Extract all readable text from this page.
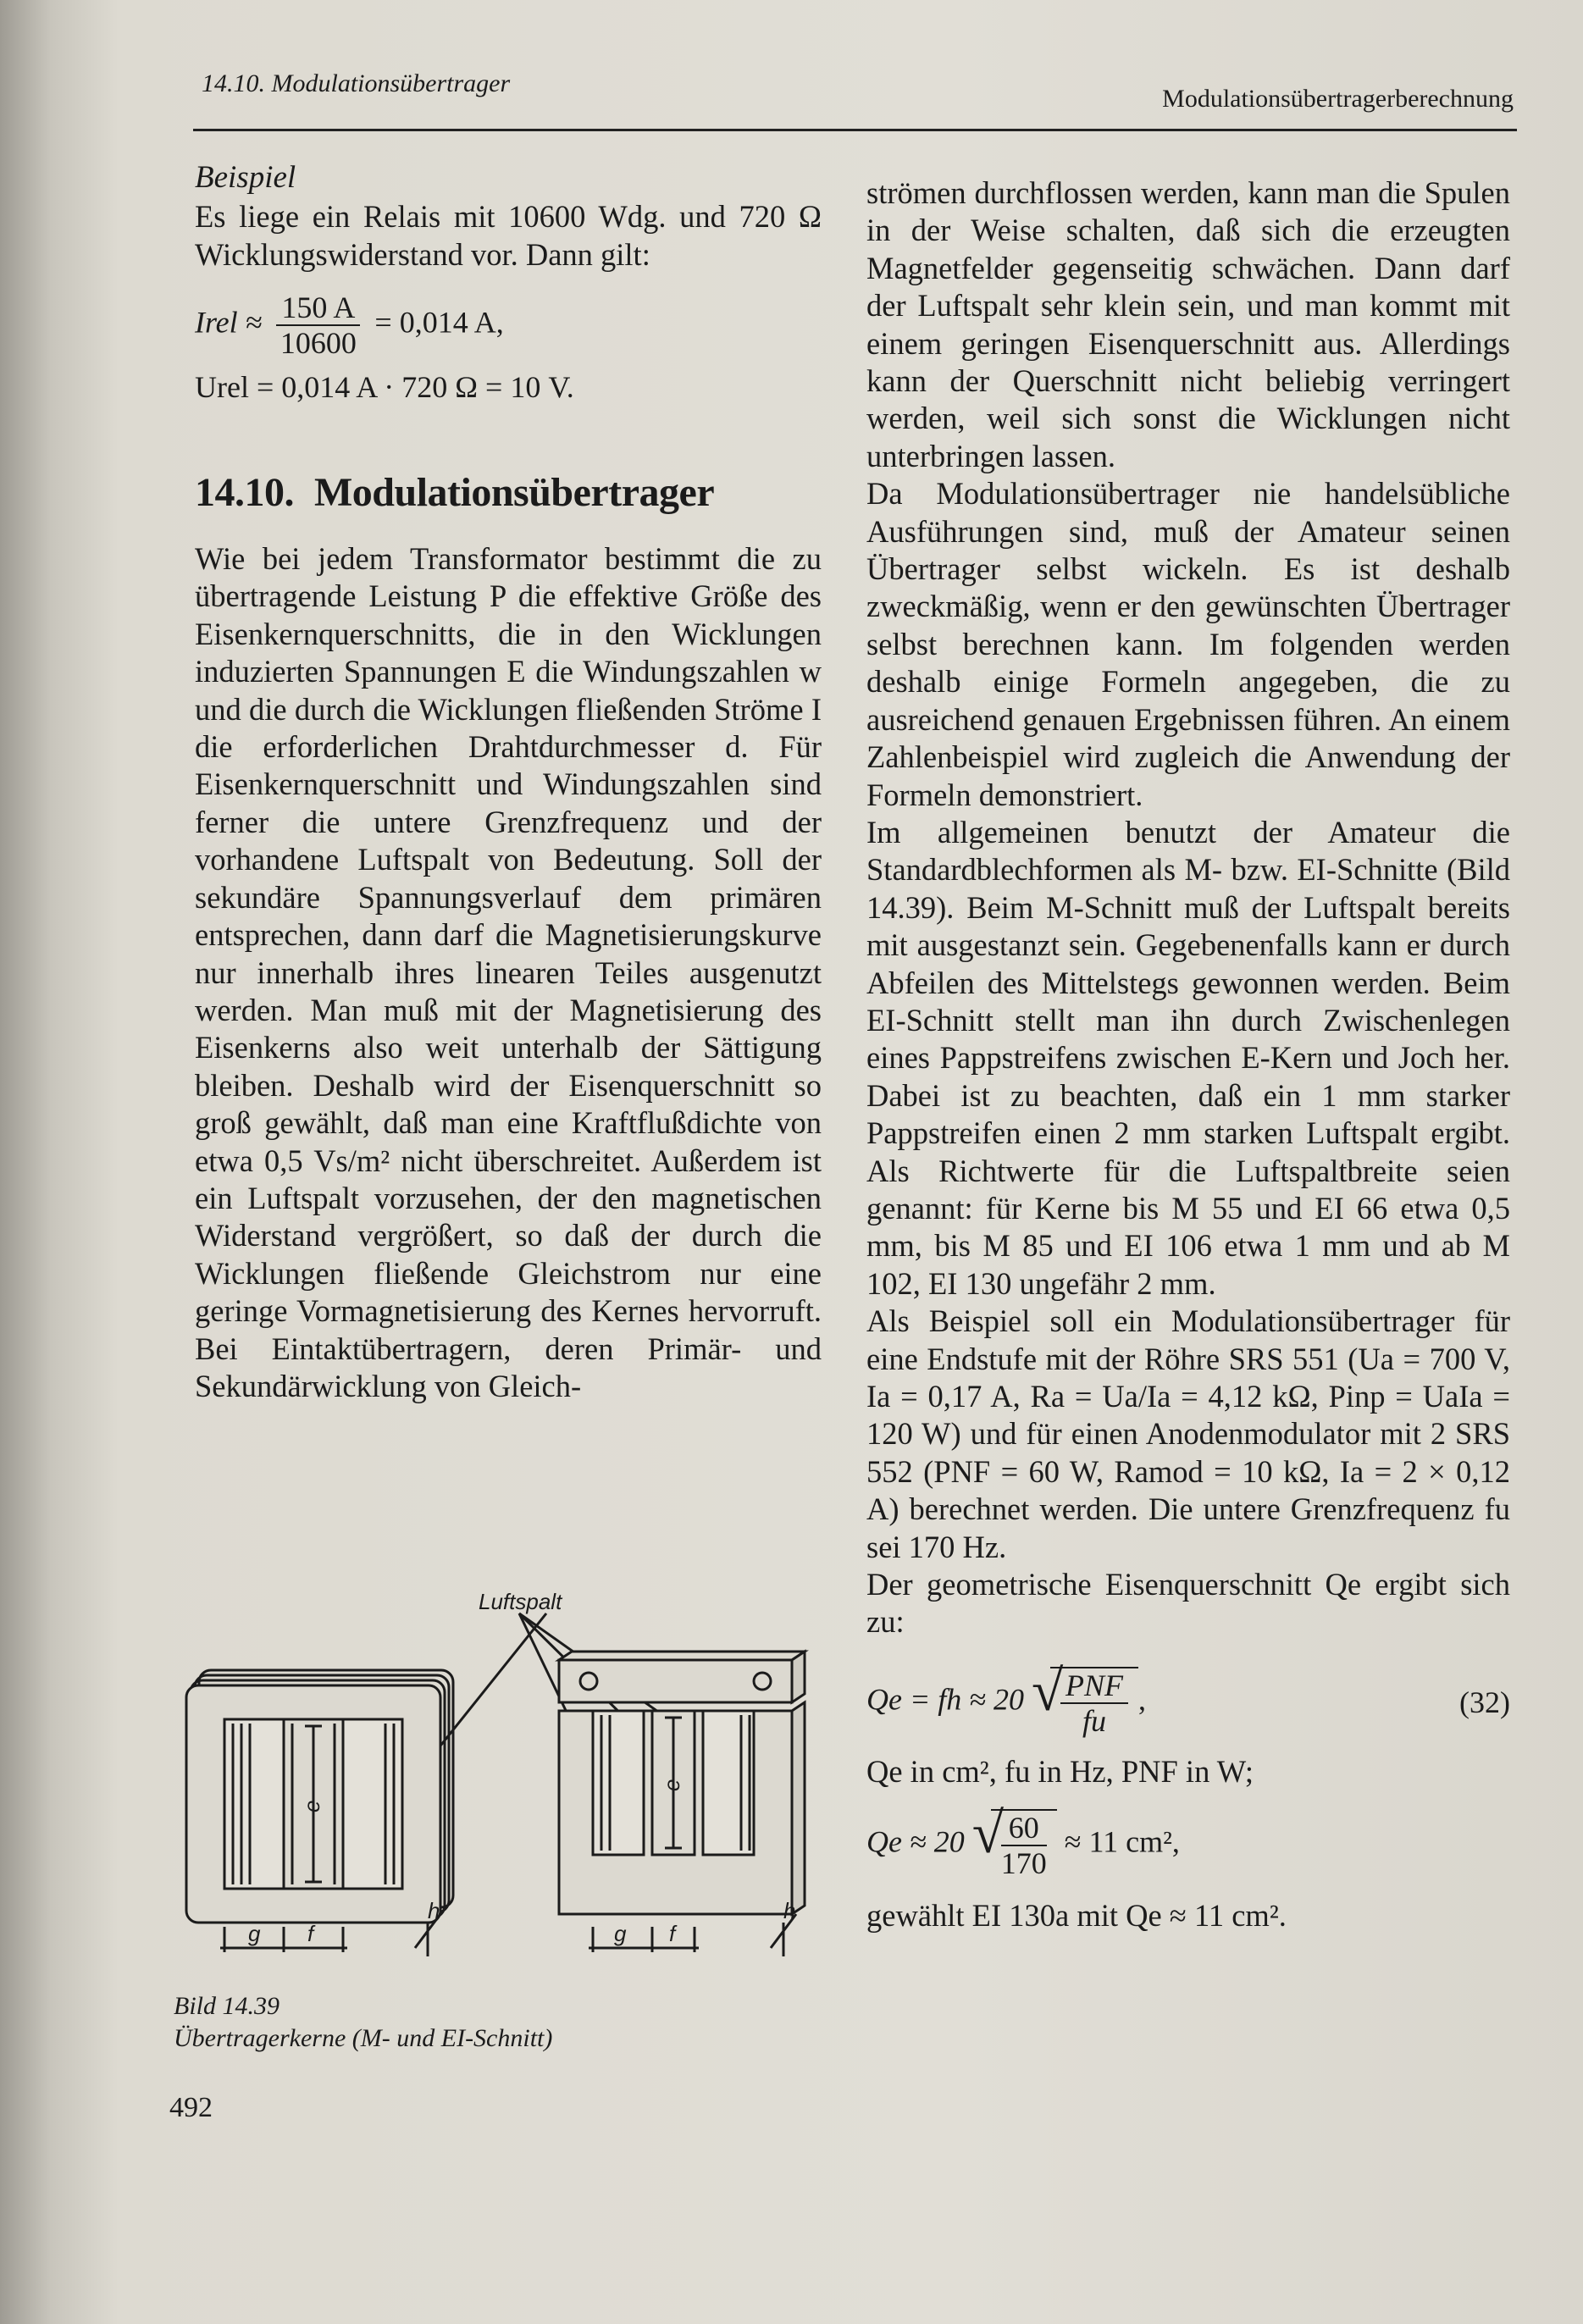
14.10. Modulationsübertrager
Modulationsübertragerberechnung
Beispiel
Es liege ein Relais mit 10600 Wdg. und 720 Ω Wicklungswiderstand vor. Dann gilt:
Irel ≈ $\frac{150 A}{10600} = 0,014$ A,
Urel = 0,014 A · 720 Ω = 10 V.
14.10. Modulationsübertrager

Wie bei jedem Transformator bestimmt die zu übertragende Leistung P die effektive Größe des Eisenkernquerschnitts, die in den Wicklungen induzierten Spannungen E die Windungszahlen w und die durch die Wicklungen fließenden Ströme I die erforderlichen Drahtdurchmesser d. Für Eisenkernquerschnitt und Windungszahlen sind ferner die untere Grenzfrequenz und der vorhandene Luftspalt von Bedeutung. Soll der sekundäre Spannungsverlauf dem primären entsprechen, dann darf die Magnetisierungskurve nur innerhalb ihres linearen Teiles ausgenutzt werden. Man muß mit der Magnetisierung des Eisenkerns also weit unterhalb der Sättigung bleiben. Deshalb wird der Eisenquerschnitt so groß gewählt, daß man eine Kraftflußdichte von etwa 0,5 Vs/m² nicht überschreitet. Außerdem ist ein Luftspalt vorzusehen, der den magnetischen Widerstand vergrößert, so daß der durch die Wicklungen fließende Gleichstrom nur eine geringe Vormagnetisierung des Kernes hervorruft. Bei Eintaktübertragern, deren Primär- und Sekundärwicklung von Gleich-

strömen durchflossen werden, kann man die Spulen in der Weise schalten, daß sich die erzeugten Magnetfelder gegenseitig schwächen. Dann darf der Luftspalt sehr klein sein, und man kommt mit einem geringen Eisenquerschnitt aus. Allerdings kann der Querschnitt nicht beliebig verringert werden, weil sich sonst die Wicklungen nicht unterbringen lassen.

Da Modulationsübertrager nie handelsübliche Ausführungen sind, muß der Amateur seinen Übertrager selbst wickeln. Es ist deshalb zweckmäßig, wenn er den gewünschten Übertrager selbst berechnen kann. Im folgenden werden deshalb einige Formeln angegeben, die zu ausreichend genauen Ergebnissen führen. An einem Zahlenbeispiel wird zugleich die Anwendung der Formeln demonstriert.

Im allgemeinen benutzt der Amateur die Standardblechformen als M- bzw. EI-Schnitte (Bild 14.39). Beim M-Schnitt muß der Luftspalt bereits mit ausgestanzt sein. Gegebenenfalls kann er durch Abfeilen des Mittelstegs gewonnen werden. Beim EI-Schnitt stellt man ihn durch Zwischenlegen eines Pappstreifens zwischen E-Kern und Joch her. Dabei ist zu beachten, daß ein 1 mm starker Pappstreifen einen 2 mm starken Luftspalt ergibt. Als Richtwerte für die Luftspaltbreite seien genannt: für Kerne bis M 55 und EI 66 etwa 0,5 mm, bis M 85 und EI 106 etwa 1 mm und ab M 102, EI 130 ungefähr 2 mm.

Als Beispiel soll ein Modulationsübertrager für eine Endstufe mit der Röhre SRS 551 (Ua = 700 V, Ia = 0,17 A, Ra = Ua/Ia = 4,12 kΩ, Pinp = UaIa = 120 W) und für einen Anodenmodulator mit 2 SRS 552 (PNF = 60 W, Ramod = 10 kΩ, Ia = 2 × 0,12 A) berechnet werden. Die untere Grenzfrequenz fu sei 170 Hz.

Der geometrische Eisenquerschnitt Qe ergibt sich zu:

Qe = fh ≈ 20 √
$\frac{\text{PNF}}{fu}$ ,	(32)
Qe in cm², fu in Hz, PNF in W;
Qe ≈ 20 √
$\frac{60}{170} \approx 11$ cm²,
gewählt EI 130a mit Qe ≈ 11 cm².
Luftspalt
e
e
g f	g f
h	h
Bild 14.39
Übertragerkerne (M- und EI-Schnitt)
492
